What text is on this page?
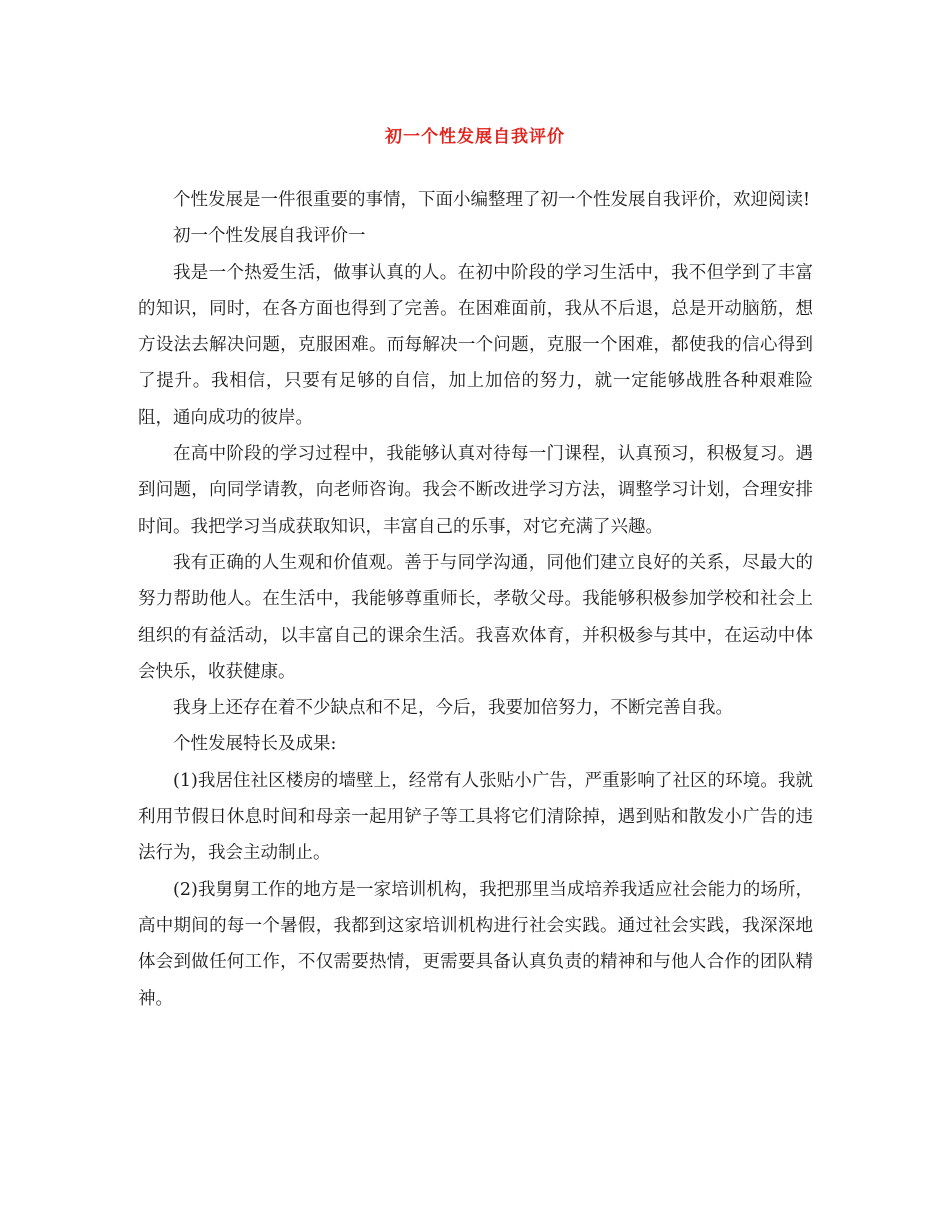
初一个性发展自我评价

个性发展是一件很重要的事情，下面小编整理了初一个性发展自我评价，欢迎阅读!

初一个性发展自我评价一

我是一个热爱生活，做事认真的人。在初中阶段的学习生活中，我不但学到了丰富的知识，同时，在各方面也得到了完善。在困难面前，我从不后退，总是开动脑筋，想方设法去解决问题，克服困难。而每解决一个问题，克服一个困难，都使我的信心得到了提升。我相信，只要有足够的自信，加上加倍的努力，就一定能够战胜各种艰难险阻，通向成功的彼岸。

在高中阶段的学习过程中，我能够认真对待每一门课程，认真预习，积极复习。遇到问题，向同学请教，向老师咨询。我会不断改进学习方法，调整学习计划，合理安排时间。我把学习当成获取知识，丰富自己的乐事，对它充满了兴趣。

我有正确的人生观和价值观。善于与同学沟通，同他们建立良好的关系，尽最大的努力帮助他人。在生活中，我能够尊重师长，孝敬父母。我能够积极参加学校和社会上组织的有益活动，以丰富自己的课余生活。我喜欢体育，并积极参与其中，在运动中体会快乐，收获健康。

我身上还存在着不少缺点和不足，今后，我要加倍努力，不断完善自我。

个性发展特长及成果:

(1)我居住社区楼房的墙壁上，经常有人张贴小广告，严重影响了社区的环境。我就利用节假日休息时间和母亲一起用铲子等工具将它们清除掉，遇到贴和散发小广告的违法行为，我会主动制止。

(2)我舅舅工作的地方是一家培训机构，我把那里当成培养我适应社会能力的场所，高中期间的每一个暑假，我都到这家培训机构进行社会实践。通过社会实践，我深深地体会到做任何工作，不仅需要热情，更需要具备认真负责的精神和与他人合作的团队精神。
